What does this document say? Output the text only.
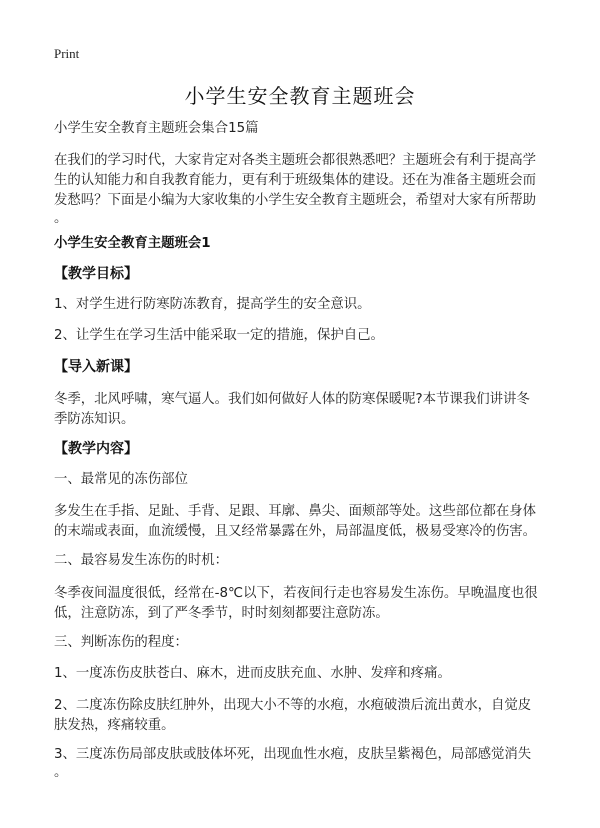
Print
小学生安全教育主题班会
小学生安全教育主题班会集合15篇
在我们的学习时代，大家肯定对各类主题班会都很熟悉吧？主题班会有利于提高学
生的认知能力和自我教育能力，更有利于班级集体的建设。还在为准备主题班会而
发愁吗？下面是小编为大家收集的小学生安全教育主题班会，希望对大家有所帮助
。
小学生安全教育主题班会1
【教学目标】
1、对学生进行防寒防冻教育，提高学生的安全意识。
2、让学生在学习生活中能采取一定的措施，保护自己。
【导入新课】
冬季，北风呼啸，寒气逼人。我们如何做好人体的防寒保暖呢?本节课我们讲讲冬
季防冻知识。
【教学内容】
一、最常见的冻伤部位
多发生在手指、足趾、手背、足跟、耳廓、鼻尖、面颊部等处。这些部位都在身体
的末端或表面，血流缓慢，且又经常暴露在外，局部温度低，极易受寒冷的伤害。
二、最容易发生冻伤的时机：
冬季夜间温度很低，经常在-8℃以下，若夜间行走也容易发生冻伤。早晚温度也很
低，注意防冻，到了严冬季节，时时刻刻都要注意防冻。
三、判断冻伤的程度：
1、一度冻伤皮肤苍白、麻木，进而皮肤充血、水肿、发痒和疼痛。
2、二度冻伤除皮肤红肿外，出现大小不等的水疱，水疱破溃后流出黄水，自觉皮
肤发热，疼痛较重。
3、三度冻伤局部皮肤或肢体坏死，出现血性水疱，皮肤呈紫褐色，局部感觉消失
。
